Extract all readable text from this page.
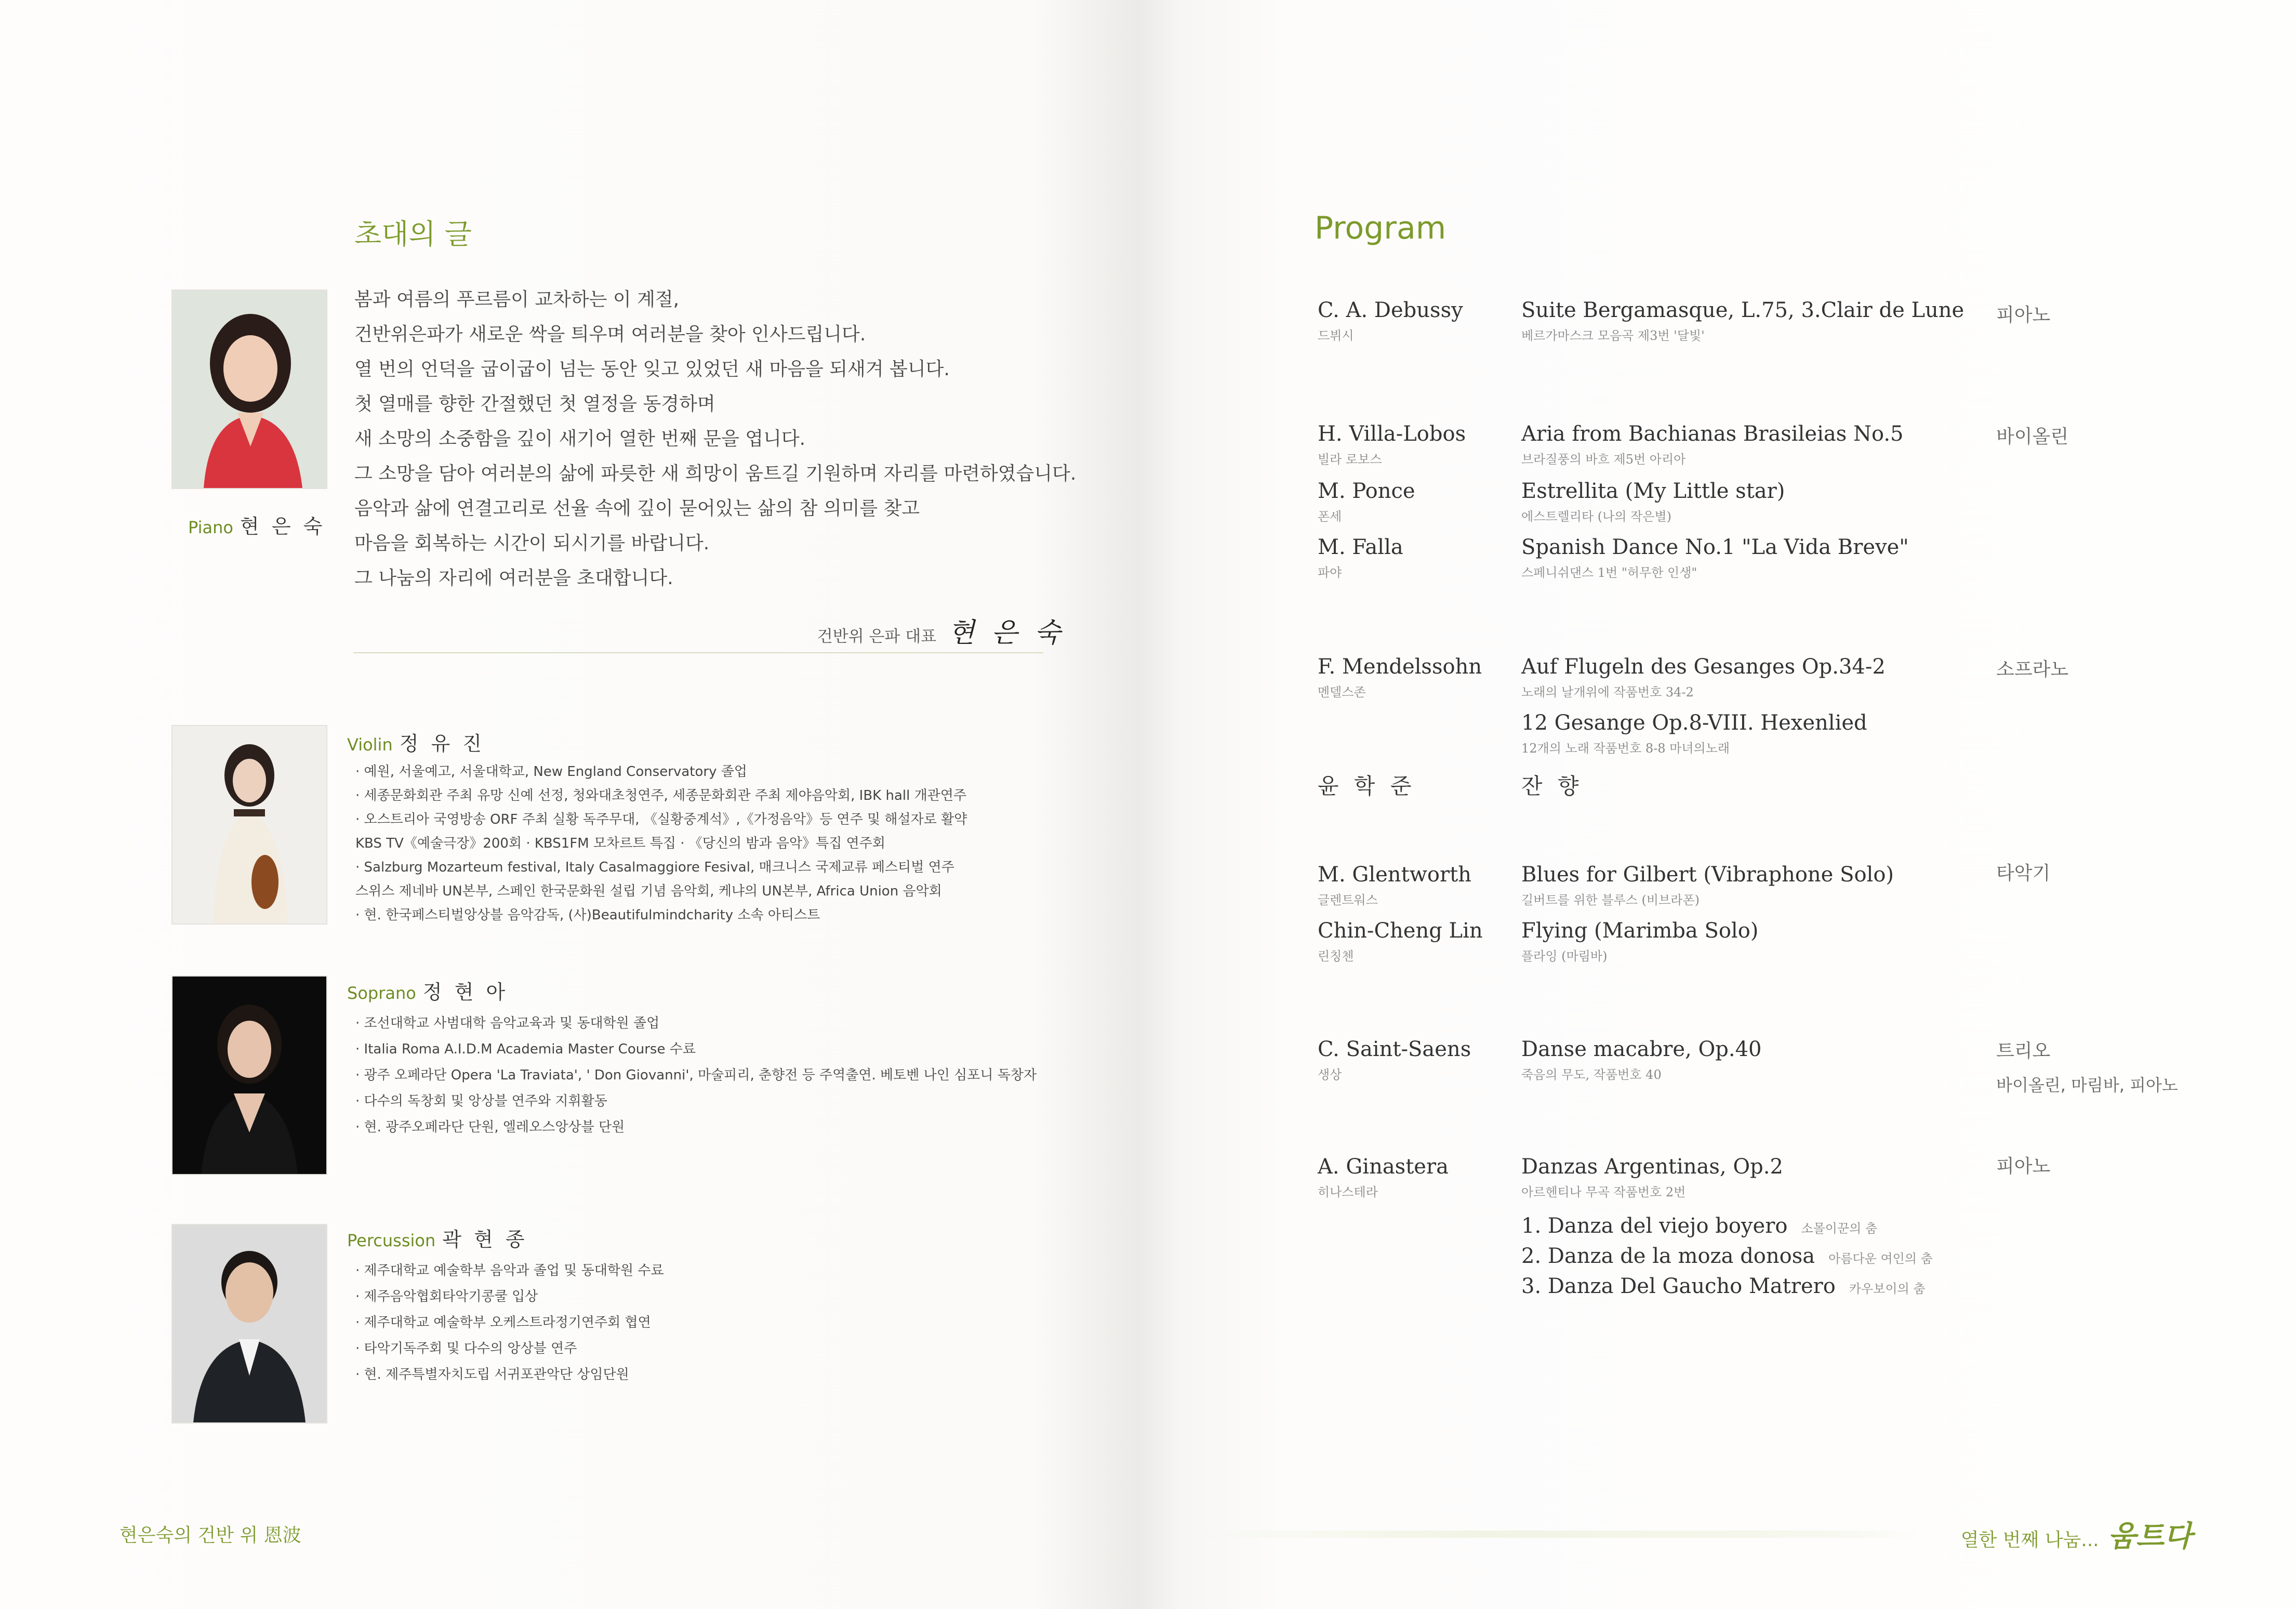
초대의 글
Piano 현 은 숙
봄과 여름의 푸르름이 교차하는 이 계절,
건반위은파가 새로운 싹을 틔우며 여러분을 찾아 인사드립니다.
열 번의 언덕을 굽이굽이 넘는 동안 잊고 있었던 새 마음을 되새겨 봅니다.
첫 열매를 향한 간절했던 첫 열정을 동경하며
새 소망의 소중함을 깊이 새기어 열한 번째 문을 엽니다.
그 소망을 담아 여러분의 삶에 파릇한 새 희망이 움트길 기원하며 자리를 마련하였습니다.
음악과 삶에 연결고리로 선율 속에 깊이 묻어있는 삶의 참 의미를 찾고
마음을 회복하는 시간이 되시기를 바랍니다.
그 나눔의 자리에 여러분을 초대합니다.
건반위 은파 대표 현 은 숙
Violin 정 유 진
· 예원, 서울예고, 서울대학교, New England Conservatory 졸업
· 세종문화회관 주최 유망 신예 선정, 청와대초청연주, 세종문화회관 주최 제야음악회, IBK hall 개관연주
· 오스트리아 국영방송 ORF 주최 실황 독주무대, 《실황중계석》,《가정음악》등 연주 및 해설자로 활약
KBS TV《예술극장》200회 · KBS1FM 모차르트 특집 · 《당신의 밤과 음악》특집 연주회
· Salzburg Mozarteum festival, Italy Casalmaggiore Fesival, 매크니스 국제교류 페스티벌 연주
스위스 제네바 UN본부, 스페인 한국문화원 설립 기념 음악회, 케냐의 UN본부, Africa Union 음악회
· 현. 한국페스티벌앙상블 음악감독, (사)Beautifulmindcharity 소속 아티스트
Soprano 정 현 아
· 조선대학교 사범대학 음악교육과 및 동대학원 졸업
· Italia Roma A.I.D.M Academia Master Course 수료
· 광주 오페라단 Opera 'La Traviata', ' Don Giovanni', 마술피리, 춘향전 등 주역출연. 베토벤 나인 심포니 독창자
· 다수의 독창회 및 앙상블 연주와 지휘활동
· 현. 광주오페라단 단원, 엘레오스앙상블 단원
Percussion 곽 현 종
· 제주대학교 예술학부 음악과 졸업 및 동대학원 수료
· 제주음악협회타악기콩쿨 입상
· 제주대학교 예술학부 오케스트라정기연주회 협연
· 타악기독주회 및 다수의 앙상블 연주
· 현. 제주특별자치도립 서귀포관악단 상임단원
현은숙의 건반 위 恩波
Program
C. A. Debussy
드뷔시
Suite Bergamasque, L.75, 3.Clair de Lune
베르가마스크 모음곡 제3번 '달빛'
피아노
H. Villa-Lobos
빌라 로보스
Aria from Bachianas Brasileias No.5
브라질풍의 바흐 제5번 아리아
바이올린
M. Ponce
폰세
Estrellita (My Little star)
에스트렐리타 (나의 작은별)
M. Falla
파야
Spanish Dance No.1 "La Vida Breve"
스페니쉬댄스 1번 "허무한 인생"
F. Mendelssohn
멘델스존
Auf Flugeln des Gesanges Op.34-2
노래의 날개위에 작품번호 34-2
소프라노
12 Gesange Op.8-VIII. Hexenlied
12개의 노래 작품번호 8-8 마녀의노래
윤 학 준	잔 향
M. Glentworth
글렌트워스
Blues for Gilbert (Vibraphone Solo)
길버트를 위한 블루스 (비브라폰)
타악기
Chin-Cheng Lin
린칭첸
Flying (Marimba Solo)
플라잉 (마림바)
C. Saint-Saens
생상
Danse macabre, Op.40
죽음의 무도, 작품번호 40
트리오
바이올린, 마림바, 피아노
A. Ginastera
히나스테라
Danzas Argentinas, Op.2
아르헨티나 무곡 작품번호 2번
피아노
1. Danza del viejo boyero 소몰이꾼의 춤
2. Danza de la moza donosa 아름다운 여인의 춤
3. Danza Del Gaucho Matrero 카우보이의 춤
열한 번째 나눔... 움트다
